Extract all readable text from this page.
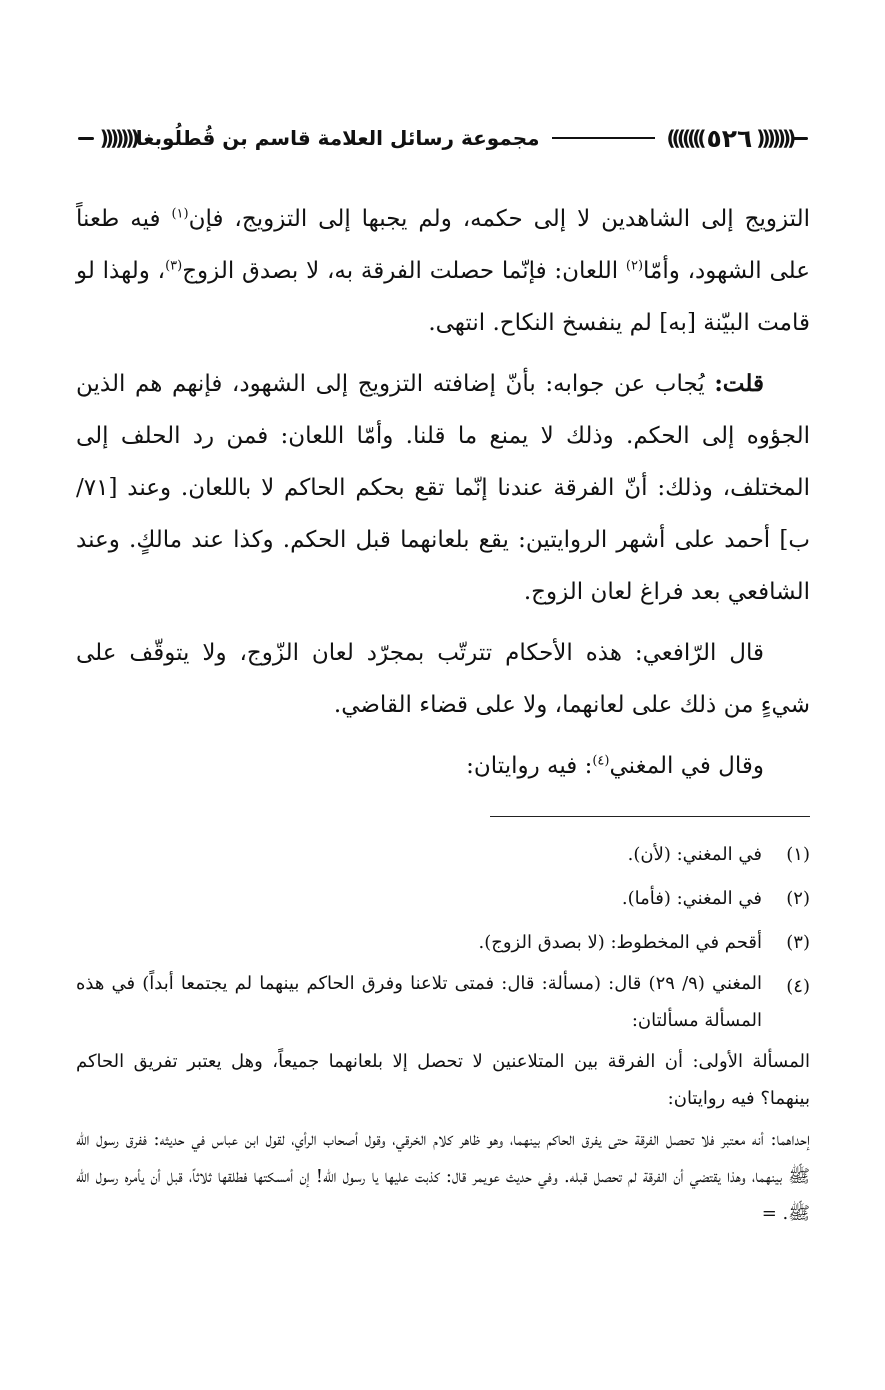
)))))))
٥٢٦
(((((((
مجموعة رسائل العلامة قاسم بن قُطلُوبغا
)))))))

التزويج إلى الشاهدين لا إلى حكمه، ولم يجبها إلى التزويج، فإن$^{(١)}$ فيه طعناً على الشهود، وأمّا$^{(٢)}$ اللعان: فإنّما حصلت الفرقة به، لا بصدق الزوج$^{(٣)}$، ولهذا لو قامت البيّنة [به] لم ينفسخ النكاح. انتهى.

قلت: يُجاب عن جوابه: بأنّ إضافته التزويج إلى الشهود، فإنهم هم الذين الجؤوه إلى الحكم. وذلك لا يمنع ما قلنا. وأمّا اللعان: فمن رد الحلف إلى المختلف، وذلك: أنّ الفرقة عندنا إنّما تقع بحكم الحاكم لا باللعان. وعند [٧١/ ب] أحمد على أشهر الروايتين: يقع بلعانهما قبل الحكم. وكذا عند مالكٍ. وعند الشافعي بعد فراغ لعان الزوج.

قال الرّافعي: هذه الأحكام تترتّب بمجرّد لعان الزّوج، ولا يتوقّف على شيءٍ من ذلك على لعانهما، ولا على قضاء القاضي.

وقال في المغني$^{(٤)}$: فيه روايتان:

(١)
في المغني: (لأن).
(٢)
في المغني: (فأما).
(٣)
أقحم في المخطوط: (لا بصدق الزوج).
(٤)

المغني (٩/ ٢٩) قال: (مسألة: قال: فمتى تلاعنا وفرق الحاكم بينهما لم يجتمعا أبداً) في هذه المسألة مسألتان:

المسألة الأولى: أن الفرقة بين المتلاعنين لا تحصل إلا بلعانهما جميعاً، وهل يعتبر تفريق الحاكم بينهما؟ فيه روايتان:

إحداهما: أنه معتبر فلا تحصل الفرقة حتى يفرق الحاكم بينهما، وهو ظاهر كلام الخرقي، وقول أصحاب الرأي، لقول ابن عباس في حديثه: ففرق رسول الله ﷺ بينهما، وهذا يقتضي أن الفرقة لم تحصل قبله. وفي حديث عويمر قال: كذبت عليها يا رسول الله! إن أمسكتها فطلقها ثلاثاً، قبل أن يأمره رسول الله ﷺ. =
